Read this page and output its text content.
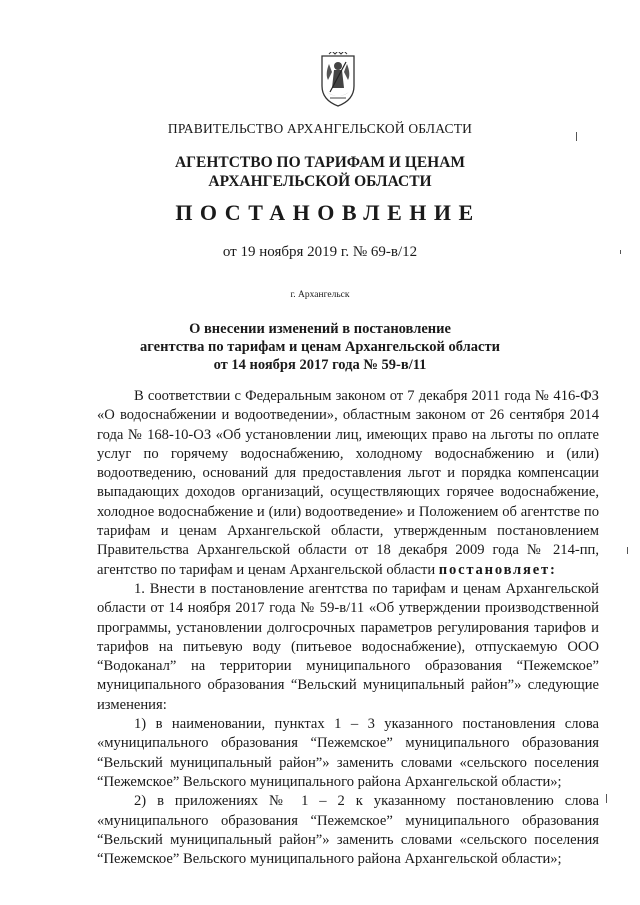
ПРАВИТЕЛЬСТВО АРХАНГЕЛЬСКОЙ ОБЛАСТИ
АГЕНТСТВО ПО ТАРИФАМ И ЦЕНАМ
АРХАНГЕЛЬСКОЙ ОБЛАСТИ
ПОСТАНОВЛЕНИЕ
от 19 ноября 2019 г. № 69-в/12
г. Архангельск
О внесении изменений в постановление
агентства по тарифам и ценам Архангельской области
от 14 ноября 2017 года № 59-в/11

В соответствии с Федеральным законом от 7 декабря 2011 года № 416-ФЗ «О водоснабжении и водоотведении», областным законом от 26 сентября 2014 года № 168-10-ОЗ «Об установлении лиц, имеющих право на льготы по оплате услуг по горячему водоснабжению, холодному водоснабжению и (или) водоотведению, оснований для предоставления льгот и порядка компенсации выпадающих доходов организаций, осуществляющих горячее водоснабжение, холодное водоснабжение и (или) водоотведение» и Положением об агентстве по тарифам и ценам Архангельской области, утвержденным постановлением Правительства Архангельской области от 18 декабря 2009 года № 214-пп, агентство по тарифам и ценам Архангельской области постановляет:

1. Внести в постановление агентства по тарифам и ценам Архангельской области от 14 ноября 2017 года № 59-в/11 «Об утверждении производственной программы, установлении долгосрочных параметров регулирования тарифов и тарифов на питьевую воду (питьевое водоснабжение), отпускаемую ООО “Водоканал” на территории муниципального образования “Пежемское” муниципального образования “Вельский муниципальный район”» следующие изменения:

1) в наименовании, пунктах 1 – 3 указанного постановления слова «муниципального образования “Пежемское” муниципального образования “Вельский муниципальный район”» заменить словами «сельского поселения “Пежемское” Вельского муниципального района Архангельской области»;

2) в приложениях № 1 – 2 к указанному постановлению слова «муниципального образования “Пежемское” муниципального образования “Вельский муниципальный район”» заменить словами «сельского поселения “Пежемское” Вельского муниципального района Архангельской области»;
